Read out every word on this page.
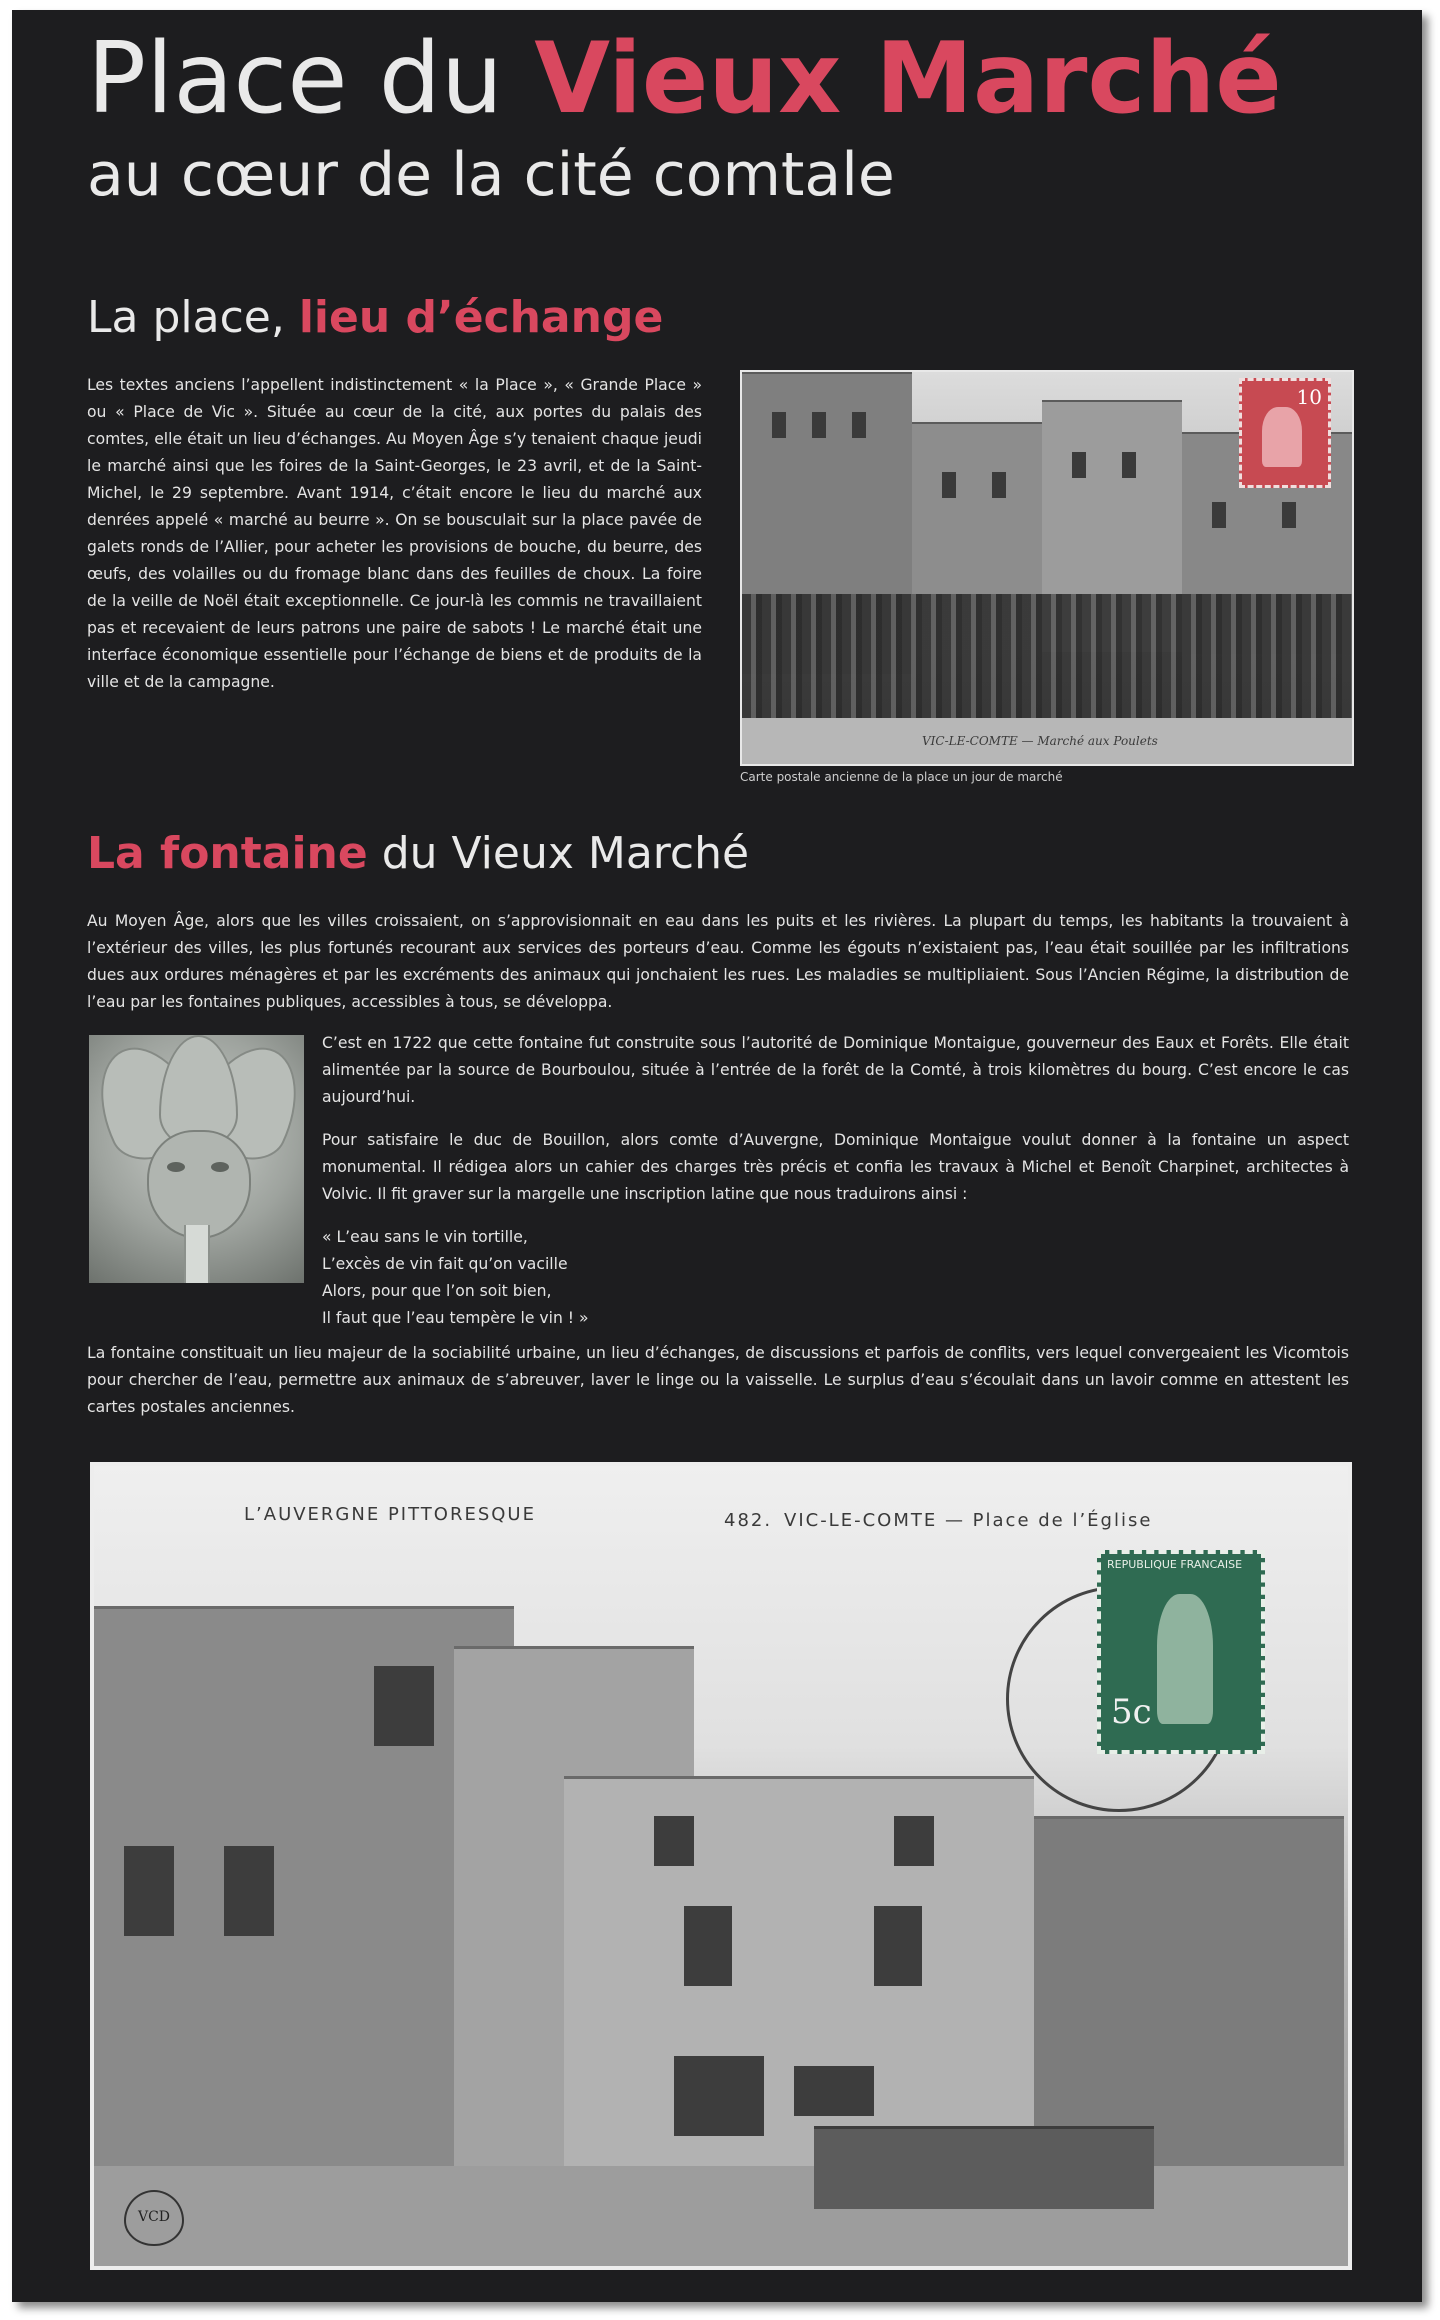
Place du Vieux Marché
au cœur de la cité comtale
La place, lieu d’échange
Les textes anciens l’appellent indistinctement « la Place », « Grande Place » ou « Place de Vic ». Située au cœur de la cité, aux portes du palais des comtes, elle était un lieu d’échanges. Au Moyen Âge s’y tenaient chaque jeudi le marché ainsi que les foires de la Saint-Georges, le 23 avril, et de la Saint-Michel, le 29 septembre. Avant 1914, c’était encore le lieu du marché aux denrées appelé « marché au beurre ». On se bousculait sur la place pavée de galets ronds de l’Allier, pour acheter les provisions de bouche, du beurre, des œufs, des volailles ou du fromage blanc dans des feuilles de choux. La foire de la veille de Noël était exceptionnelle. Ce jour-là les commis ne travaillaient pas et recevaient de leurs patrons une paire de sabots ! Le marché était une interface économique essentielle pour l’échange de biens et de produits de la ville et de la campagne.
10
VIC-LE-COMTE — Marché aux Poulets
Carte postale ancienne de la place un jour de marché
La fontaine du Vieux Marché
Au Moyen Âge, alors que les villes croissaient, on s’approvisionnait en eau dans les puits et les rivières. La plupart du temps, les habitants la trouvaient à l’extérieur des villes, les plus fortunés recourant aux services des porteurs d’eau. Comme les égouts n’existaient pas, l’eau était souillée par les infiltrations dues aux ordures ménagères et par les excréments des animaux qui jonchaient les rues. Les maladies se multipliaient. Sous l’Ancien Régime, la distribution de l’eau par les fontaines publiques, accessibles à tous, se développa.

C’est en 1722 que cette fontaine fut construite sous l’autorité de Dominique Montaigue, gouverneur des Eaux et Forêts. Elle était alimentée par la source de Bourboulou, située à l’entrée de la forêt de la Comté, à trois kilomètres du bourg. C’est encore le cas aujourd’hui.

Pour satisfaire le duc de Bouillon, alors comte d’Auvergne, Dominique Montaigue voulut donner à la fontaine un aspect monumental. Il rédigea alors un cahier des charges très précis et confia les travaux à Michel et Benoît Charpinet, architectes à Volvic. Il fit graver sur la margelle une inscription latine que nous traduirons ainsi :

« L’eau sans le vin tortille,

L’excès de vin fait qu’on vacille

Alors, pour que l’on soit bien,

Il faut que l’eau tempère le vin ! »

La fontaine constituait un lieu majeur de la sociabilité urbaine, un lieu d’échanges, de discussions et parfois de conflits, vers lequel convergeaient les Vicomtois pour chercher de l’eau, permettre aux animaux de s’abreuver, laver le linge ou la vaisselle. Le surplus d’eau s’écoulait dans un lavoir comme en attestent les cartes postales anciennes.
L’AUVERGNE PITTORESQUE	482. VIC-LE-COMTE — Place de l’Église
REPUBLIQUE FRANCAISE
5c
VCD
